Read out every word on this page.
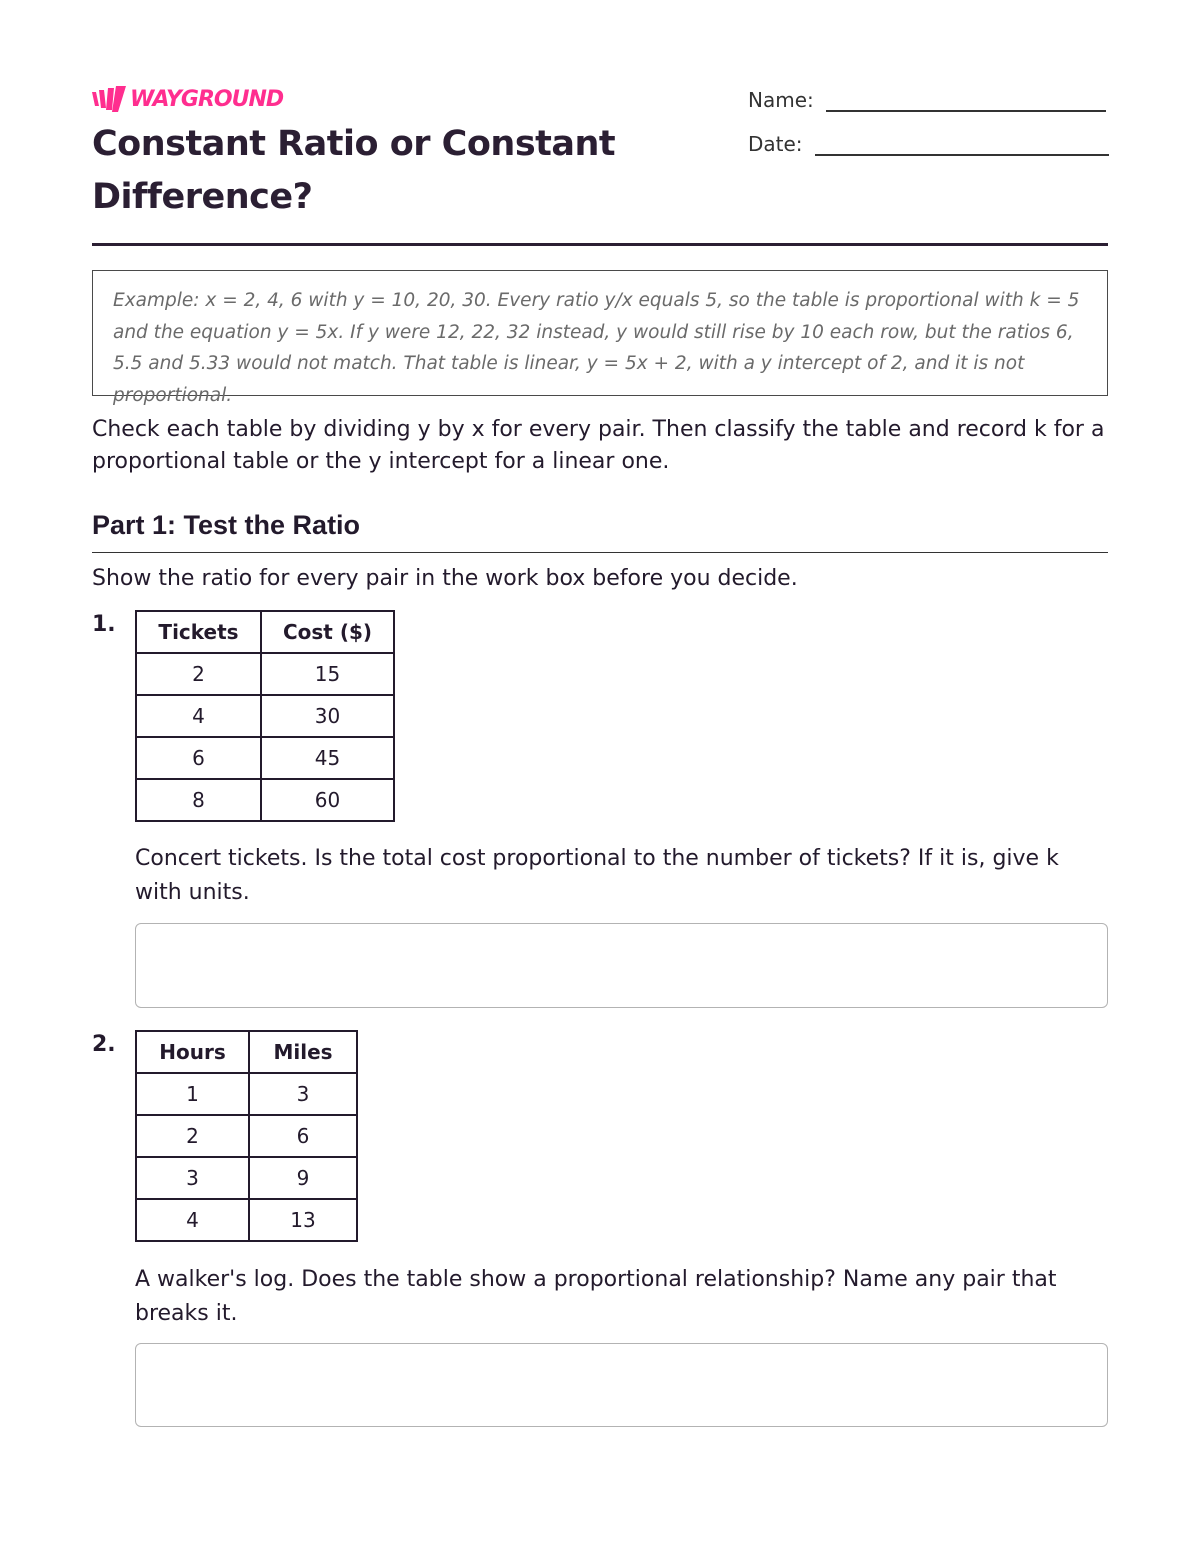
WAYGROUND
Constant Ratio or Constant Difference?
Name:
Date:
Example: x = 2, 4, 6 with y = 10, 20, 30. Every ratio y/x equals 5, so the table is proportional with k = 5 and the equation y = 5x. If y were 12, 22, 32 instead, y would still rise by 10 each row, but the ratios 6, 5.5 and 5.33 would not match. That table is linear, y = 5x + 2, with a y intercept of 2, and it is not proportional.

Check each table by dividing y by x for every pair. Then classify the table and record k for a proportional table or the y intercept for a linear one.

Part 1: Test the Ratio

Show the ratio for every pair in the work box before you decide.

1. Tickets	Cost ($)
2	15
4	30
6	45
8	60

Concert tickets. Is the total cost proportional to the number of tickets? If it is, give k with units.

2. Hours	Miles
1	3
2	6
3	9
4	13

A walker's log. Does the table show a proportional relationship? Name any pair that breaks it.
